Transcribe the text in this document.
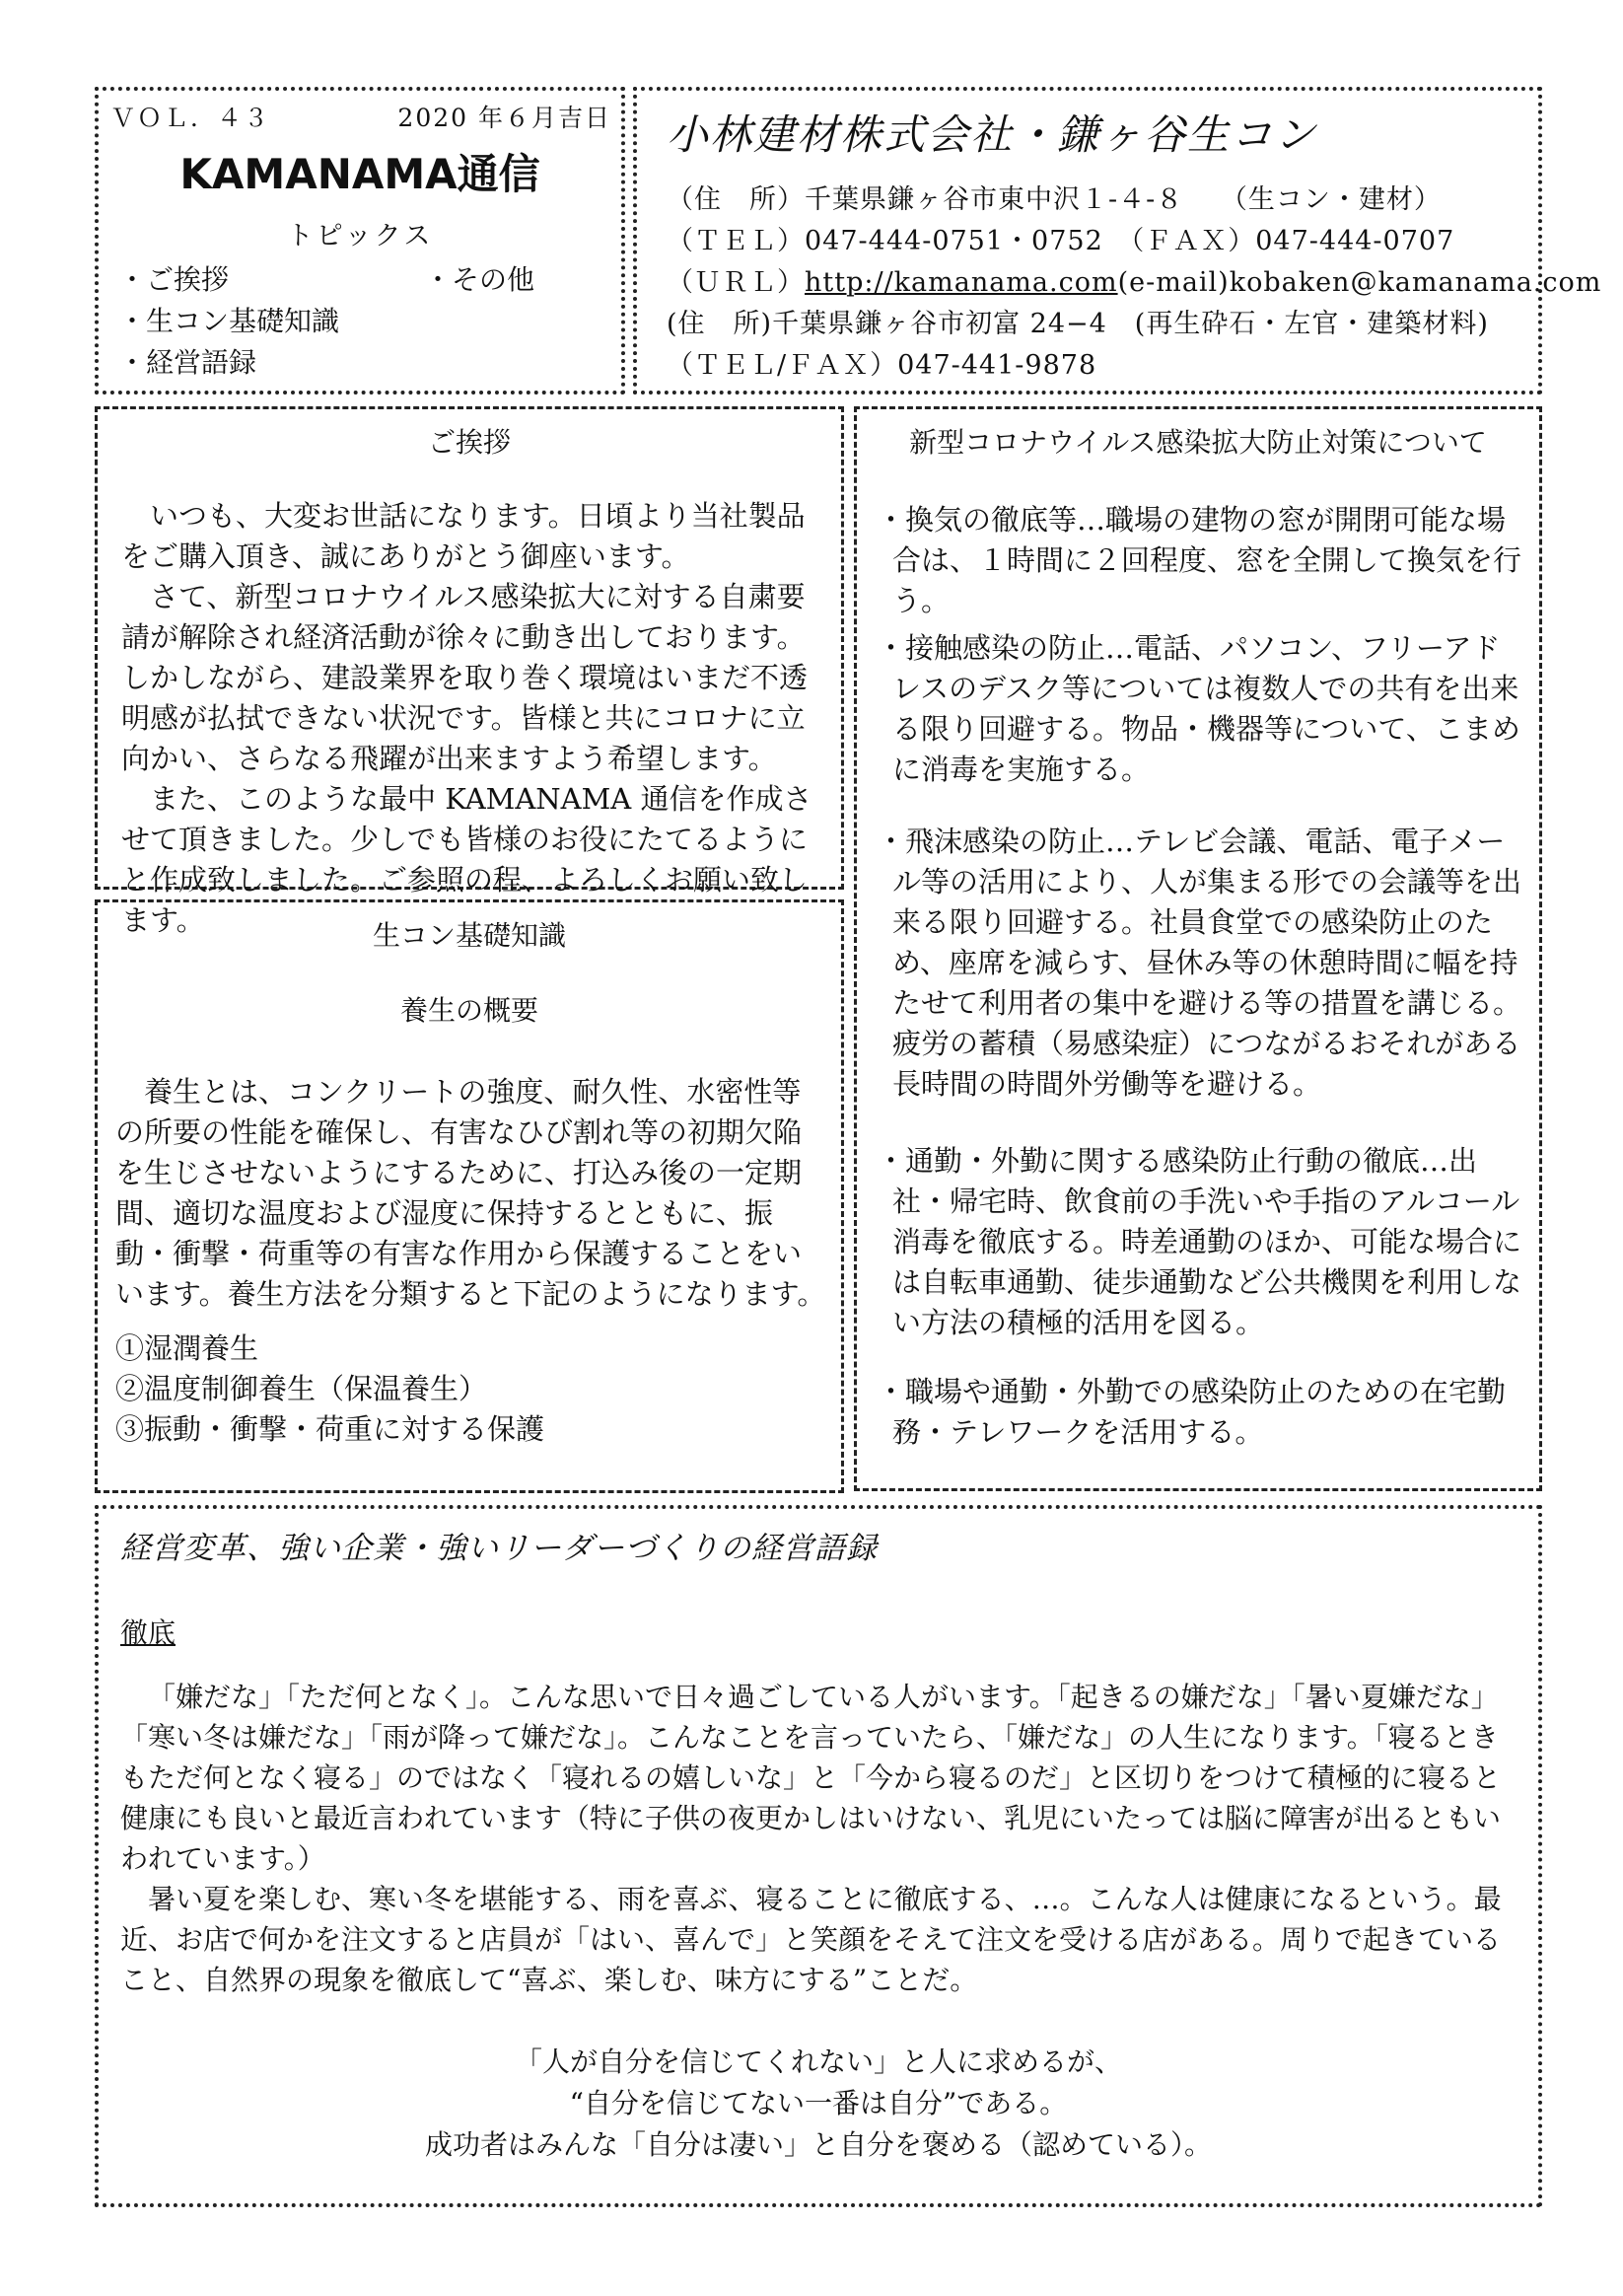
ＶＯＬ．４３	2020 年６月吉日
KAMANAMA通信
トピックス
・ご挨拶	・その他
・生コン基礎知識
・経営語録
小林建材株式会社・鎌ヶ谷生コン
（住　所）千葉県鎌ヶ谷市東中沢１‐４‐８　 （生コン・建材）
（ＴＥＬ）047‐444‐0751・0752　（ＦＡＸ）047‐444‐0707
（ＵＲＬ）http://kamanama.com(e-mail)kobaken@kamanama.com
(住　所)千葉県鎌ヶ谷市初富 24−4　(再生砕石・左官・建築材料)
（ＴＥＬ/ＦＡＸ）047‐441‐9878
ご挨拶

いつも、大変お世話になります。日頃より当社製品をご購入頂き、誠にありがとう御座います。

さて、新型コロナウイルス感染拡大に対する自粛要請が解除され経済活動が徐々に動き出しております。しかしながら、建設業界を取り巻く環境はいまだ不透明感が払拭できない状況です。皆様と共にコロナに立向かい、さらなる飛躍が出来ますよう希望します。

また、このような最中 KAMANAMA 通信を作成させて頂きました。少しでも皆様のお役にたてるようにと作成致しました。ご参照の程、よろしくお願い致します。	生コン基礎知識
養生の概要

養生とは、コンクリートの強度、耐久性、水密性等の所要の性能を確保し、有害なひび割れ等の初期欠陥を生じさせないようにするために、打込み後の一定期間、適切な温度および湿度に保持するとともに、振動・衝撃・荷重等の有害な作用から保護することをいいます。養生方法を分類すると下記のようになります。

①湿潤養生

②温度制御養生（保温養生）

③振動・衝撃・荷重に対する保護

新型コロナウイルス感染拡大防止対策について

・換気の徹底等…職場の建物の窓が開閉可能な場合は、１時間に２回程度、窓を全開して換気を行う。

・接触感染の防止…電話、パソコン、フリーアドレスのデスク等については複数人での共有を出来る限り回避する。物品・機器等について、こまめに消毒を実施する。

・飛沫感染の防止…テレビ会議、電話、電子メール等の活用により、人が集まる形での会議等を出来る限り回避する。社員食堂での感染防止のため、座席を減らす、昼休み等の休憩時間に幅を持たせて利用者の集中を避ける等の措置を講じる。疲労の蓄積（易感染症）につながるおそれがある長時間の時間外労働等を避ける。

・通勤・外勤に関する感染防止行動の徹底…出社・帰宅時、飲食前の手洗いや手指のアルコール消毒を徹底する。時差通勤のほか、可能な場合には自転車通勤、徒歩通勤など公共機関を利用しない方法の積極的活用を図る。

・職場や通勤・外勤での感染防止のための在宅勤務・テレワークを活用する。

経営変革、強い企業・強いリーダーづくりの経営語録
徹底

「嫌だな」「ただ何となく」。こんな思いで日々過ごしている人がいます。「起きるの嫌だな」「暑い夏嫌だな」「寒い冬は嫌だな」「雨が降って嫌だな」。こんなことを言っていたら、「嫌だな」の人生になります。「寝るときもただ何となく寝る」のではなく「寝れるの嬉しいな」と「今から寝るのだ」と区切りをつけて積極的に寝ると健康にも良いと最近言われています（特に子供の夜更かしはいけない、乳児にいたっては脳に障害が出るともいわれています。）

暑い夏を楽しむ、寒い冬を堪能する、雨を喜ぶ、寝ることに徹底する、…。こんな人は健康になるという。最近、お店で何かを注文すると店員が「はい、喜んで」と笑顔をそえて注文を受ける店がある。周りで起きていること、自然界の現象を徹底して“喜ぶ、楽しむ、味方にする”ことだ。

「人が自分を信じてくれない」と人に求めるが、

“自分を信じてない一番は自分”である。

成功者はみんな「自分は凄い」と自分を褒める（認めている）。
